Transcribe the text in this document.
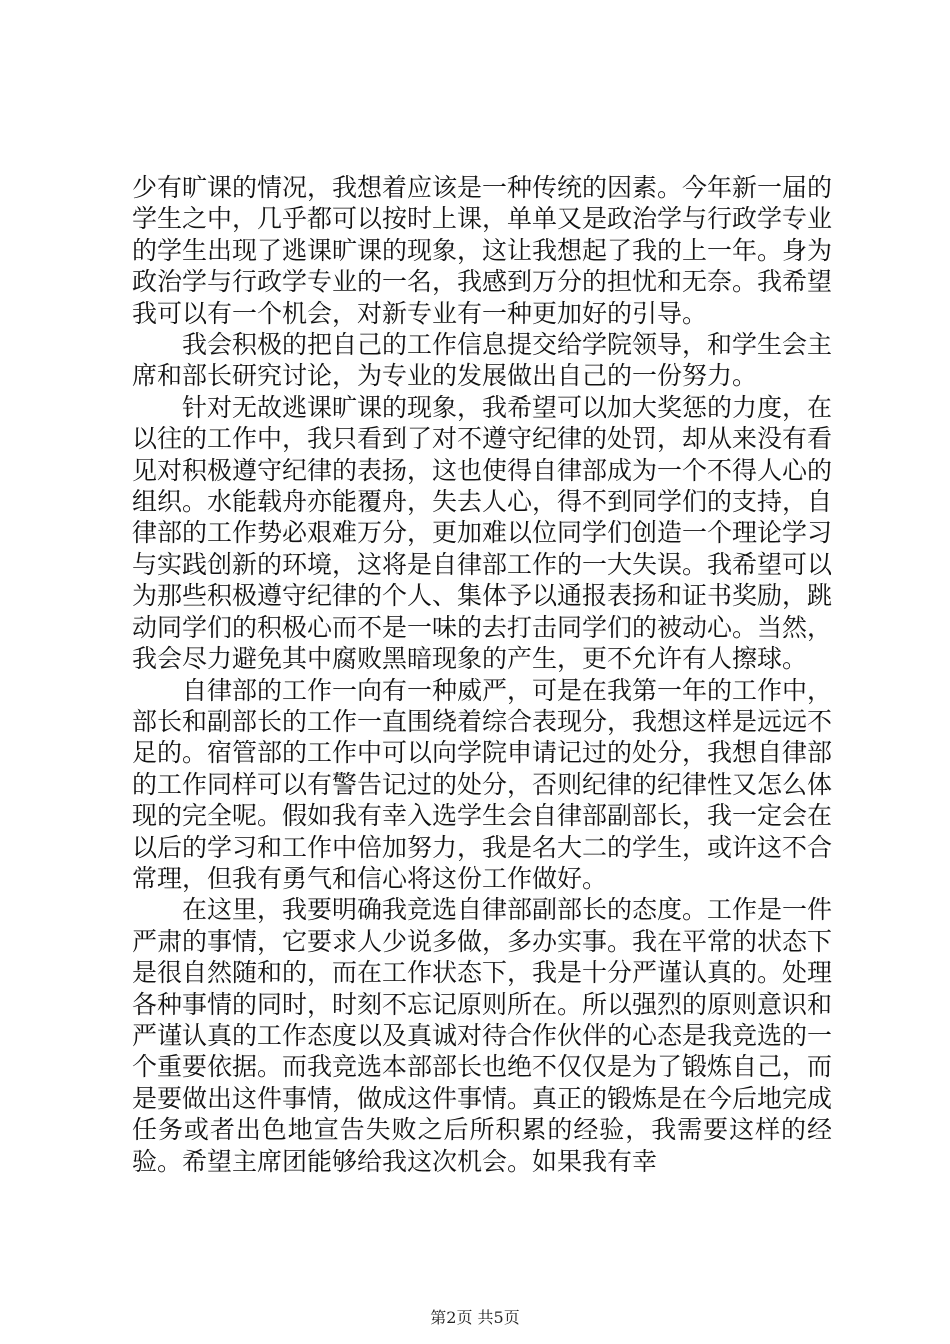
少有旷课的情况，我想着应该是一种传统的因素。今年新一届的学生之中，几乎都可以按时上课，单单又是政治学与行政学专业的学生出现了逃课旷课的现象，这让我想起了我的上一年。身为政治学与行政学专业的一名，我感到万分的担忧和无奈。我希望我可以有一个机会，对新专业有一种更加好的引导。

我会积极的把自己的工作信息提交给学院领导，和学生会主席和部长研究讨论，为专业的发展做出自己的一份努力。

针对无故逃课旷课的现象，我希望可以加大奖惩的力度，在以往的工作中，我只看到了对不遵守纪律的处罚，却从来没有看见对积极遵守纪律的表扬，这也使得自律部成为一个不得人心的组织。水能载舟亦能覆舟，失去人心，得不到同学们的支持，自律部的工作势必艰难万分，更加难以位同学们创造一个理论学习与实践创新的环境，这将是自律部工作的一大失误。我希望可以为那些积极遵守纪律的个人、集体予以通报表扬和证书奖励，跳动同学们的积极心而不是一味的去打击同学们的被动心。当然，我会尽力避免其中腐败黑暗现象的产生，更不允许有人擦球。

自律部的工作一向有一种威严，可是在我第一年的工作中，部长和副部长的工作一直围绕着综合表现分，我想这样是远远不足的。宿管部的工作中可以向学院申请记过的处分，我想自律部的工作同样可以有警告记过的处分，否则纪律的纪律性又怎么体现的完全呢。假如我有幸入选学生会自律部副部长，我一定会在以后的学习和工作中倍加努力，我是名大二的学生，或许这不合常理，但我有勇气和信心将这份工作做好。

在这里，我要明确我竞选自律部副部长的态度。工作是一件严肃的事情，它要求人少说多做，多办实事。我在平常的状态下是很自然随和的，而在工作状态下，我是十分严谨认真的。处理各种事情的同时，时刻不忘记原则所在。所以强烈的原则意识和严谨认真的工作态度以及真诚对待合作伙伴的心态是我竞选的一个重要依据。而我竞选本部部长也绝不仅仅是为了锻炼自己，而是要做出这件事情，做成这件事情。真正的锻炼是在今后地完成任务或者出色地宣告失败之后所积累的经验，我需要这样的经验。希望主席团能够给我这次机会。如果我有幸

第2页 共5页
